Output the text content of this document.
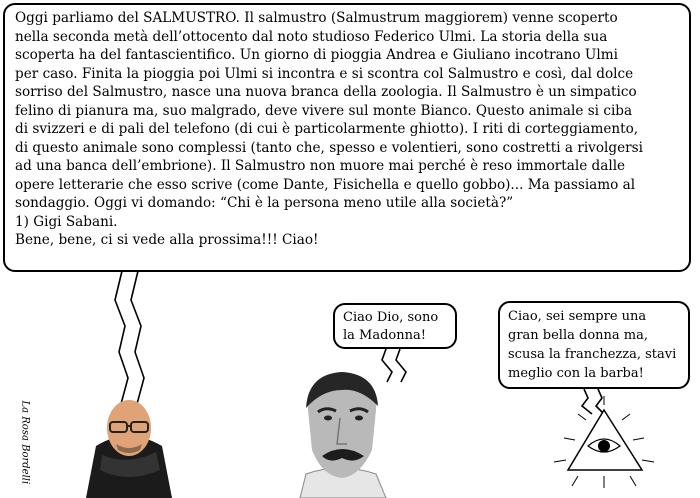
Oggi parliamo del SALMUSTRO. Il salmustro (Salmustrum maggiorem) venne scoperto
nella seconda metà dell’ottocento dal noto studioso Federico Ulmi. La storia della sua
scoperta ha del fantascientifico. Un giorno di pioggia Andrea e Giuliano incotrano Ulmi
per caso. Finita la pioggia poi Ulmi si incontra e si scontra col Salmustro e così, dal dolce
sorriso del Salmustro, nasce una nuova branca della zoologia. Il Salmustro è un simpatico
felino di pianura ma, suo malgrado, deve vivere sul monte Bianco. Questo animale si ciba
di svizzeri e di pali del telefono (di cui è particolarmente ghiotto). I riti di corteggiamento,
di questo animale sono complessi (tanto che, spesso e volentieri, sono costretti a rivolgersi
ad una banca dell’embrione). Il Salmustro non muore mai perché è reso immortale dalle
opere letterarie che esso scrive (come Dante, Fisichella e quello gobbo)... Ma passiamo al
sondaggio. Oggi vi domando: “Chi è la persona meno utile alla società?”
1) Gigi Sabani.
Bene, bene, ci si vede alla prossima!!! Ciao!

Ciao Dio, sono
la Madonna!

Ciao, sei sempre una
gran bella donna ma,
scusa la franchezza, stavi
meglio con la barba!

La Rosa Bordelli
